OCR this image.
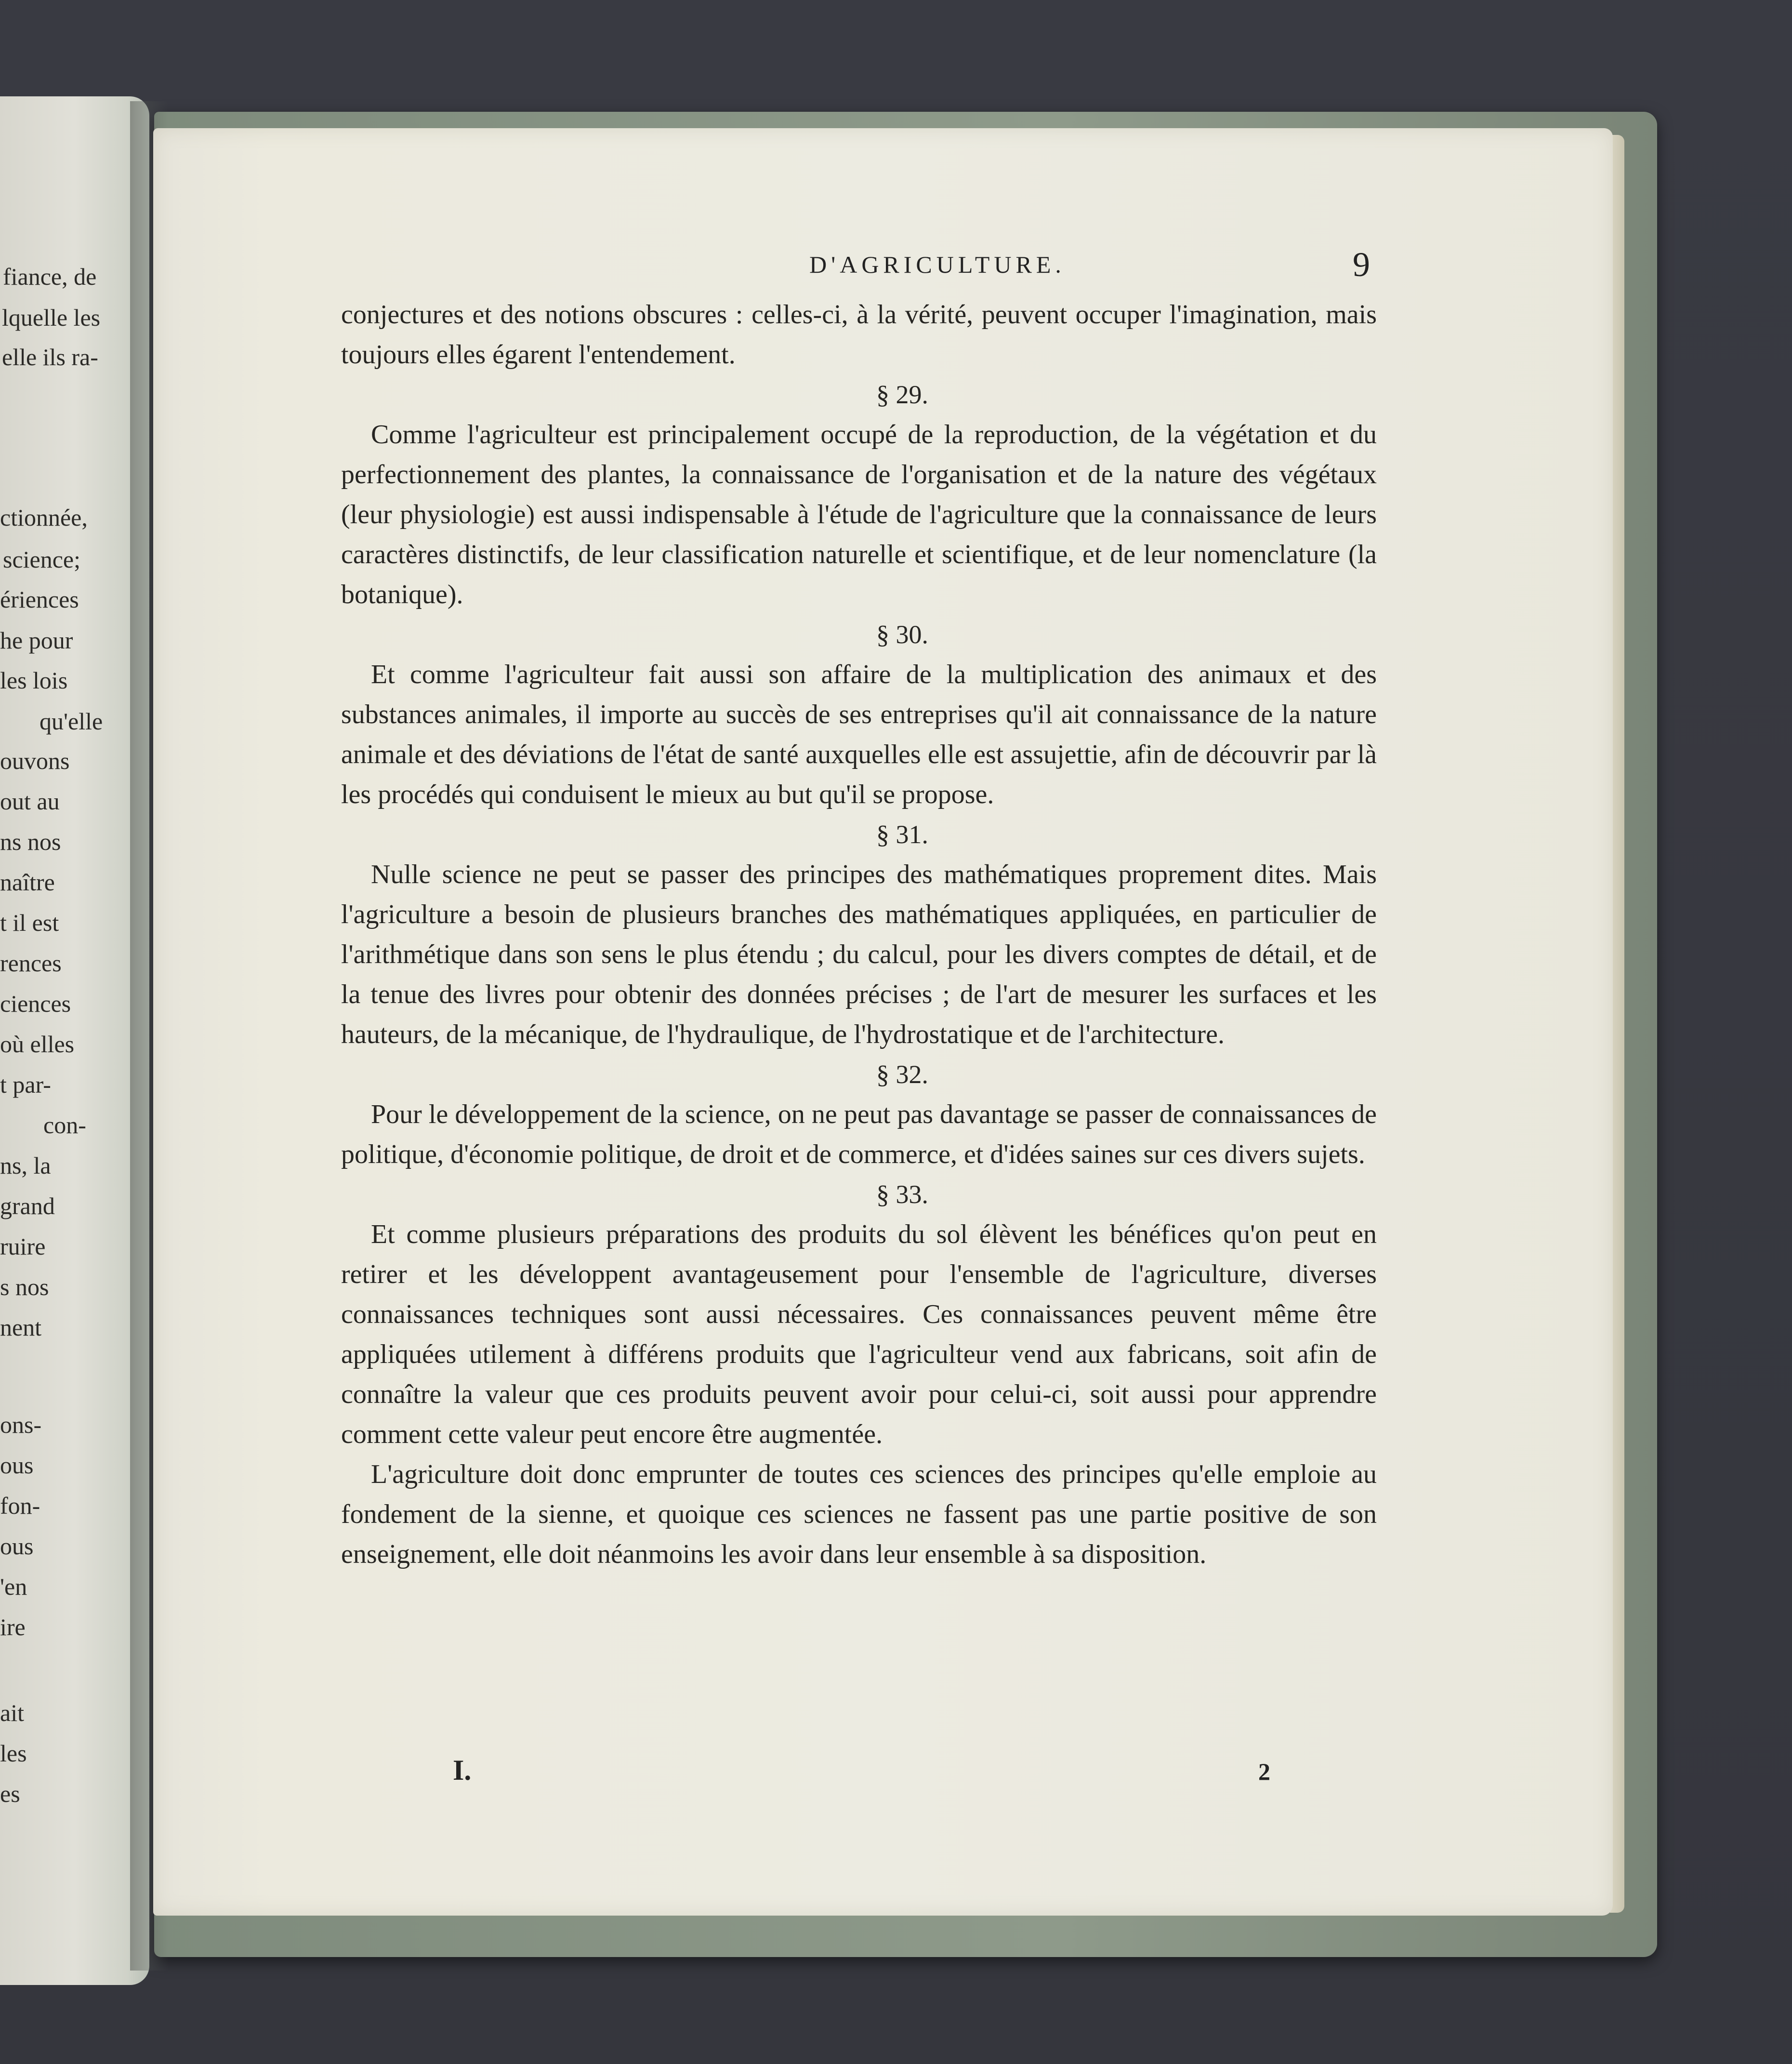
fiance, de
lquelle les
elle ils ra-
ctionnée,
science;
ériences
he pour
les lois
qu'elle
ouvons
out au
ns nos
naître
t il est
rences
ciences
où elles
t par-
con-
ns, la
grand
ruire
s nos
nent
ons-
ous
fon-
ous
'en
ire
ait
les
es
D'AGRICULTURE.	9

conjectures et des notions obscures : celles-ci, à la vérité, peuvent occuper l'imagination, mais toujours elles égarent l'entendement.

§ 29.

Comme l'agriculteur est principalement occupé de la reproduction, de la végétation et du perfectionnement des plantes, la connaissance de l'organisation et de la nature des végétaux (leur physiologie) est aussi indispensable à l'étude de l'agriculture que la connaissance de leurs caractères distinctifs, de leur classification naturelle et scientifique, et de leur nomenclature (la botanique).

§ 30.

Et comme l'agriculteur fait aussi son affaire de la multiplication des animaux et des substances animales, il importe au succès de ses entreprises qu'il ait connaissance de la nature animale et des déviations de l'état de santé auxquelles elle est assujettie, afin de découvrir par là les procédés qui conduisent le mieux au but qu'il se propose.

§ 31.

Nulle science ne peut se passer des principes des mathématiques proprement dites. Mais l'agriculture a besoin de plusieurs branches des mathématiques appliquées, en particulier de l'arithmétique dans son sens le plus étendu ; du calcul, pour les divers comptes de détail, et de la tenue des livres pour obtenir des données précises ; de l'art de mesurer les surfaces et les hauteurs, de la mécanique, de l'hydraulique, de l'hydrostatique et de l'architecture.

§ 32.

Pour le développement de la science, on ne peut pas davantage se passer de connaissances de politique, d'économie politique, de droit et de commerce, et d'idées saines sur ces divers sujets.

§ 33.

Et comme plusieurs préparations des produits du sol élèvent les bénéfices qu'on peut en retirer et les développent avantageusement pour l'ensemble de l'agriculture, diverses connaissances techniques sont aussi nécessaires. Ces connaissances peuvent même être appliquées utilement à différens produits que l'agriculteur vend aux fabricans, soit afin de connaître la valeur que ces produits peuvent avoir pour celui-ci, soit aussi pour apprendre comment cette valeur peut encore être augmentée.

L'agriculture doit donc emprunter de toutes ces sciences des principes qu'elle emploie au fondement de la sienne, et quoique ces sciences ne fassent pas une partie positive de son enseignement, elle doit néanmoins les avoir dans leur ensemble à sa disposition.

I.	2
